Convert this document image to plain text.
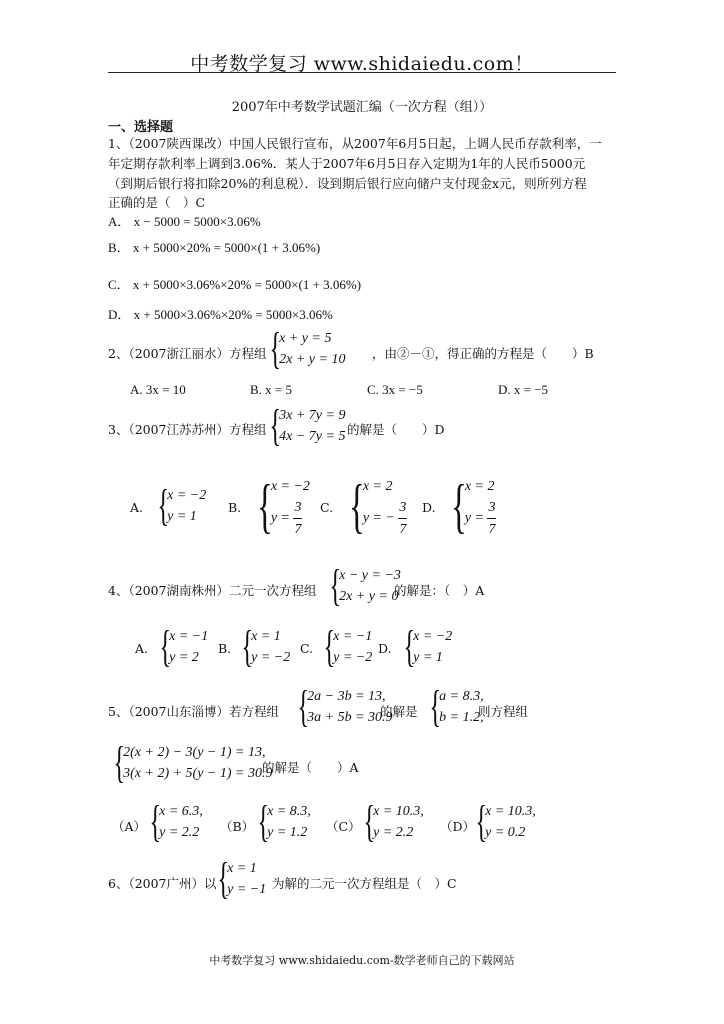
中考数学复习 www.shidaiedu.com！
2007年中考数学试题汇编（一次方程（组））
一、选择题
1、（2007陕西课改）中国人民银行宣布，从2007年6月5日起，上调人民币存款利率，一
年定期存款利率上调到3.06%．某人于2007年6月5日存入定期为1年的人民币5000元
（到期后银行将扣除20%的利息税）．设到期后银行应向储户支付现金x元，则所列方程
正确的是（　）C
A． x − 5000 = 5000×3.06%
B． x + 5000×20% = 5000×(1 + 3.06%)
C． x + 5000×3.06%×20% = 5000×(1 + 3.06%)
D． x + 5000×3.06%×20% = 5000×3.06%
2、（2007浙江丽水）方程组 {
x + y = 5
2x + y = 10 ，由②－①，得正确的方程是（　　）B
A. 3x = 10	B. x = 5	C. 3x = −5	D. x = −5
3、（2007江苏苏州）方程组 {
3x + 7y = 9
4x − 7y = 5 的解是（　　）D
A. {
x = −2
y = 1
B. {
x = −2
$y = \frac{3}{7} C$. {
x = 2
y = − $\frac{3}{7} D$. {
x = 2
$y = \frac{3}{7}$
4、（2007湖南株州）二元一次方程组 {
x − y = −3
2x + y = 0
的解是：（　）A
A. {
x = −1
y = 2
B. {
x = 1
y = −2
C. {
x = −1
y = −2
D. {
x = −2
y = 1
5、（2007山东淄博）若方程组 {
2a − 3b = 13,
3a + 5b = 30.9
的解是 {
a = 8.3,
b = 1.2,
则方程组
{
2(x + 2) − 3(y − 1) = 13,
3(x + 2) + 5(y − 1) = 30.9
的解是（　　）A
（A） {
x = 6.3,
y = 2.2 （B） {
x = 8.3,
y = 1.2 （C） {
x = 10.3,
y = 2.2	（D） {
x = 10.3,
y = 0.2
6、（2007广州）以 {
x = 1
y = −1 为解的二元一次方程组是（　）C
中考数学复习 www.shidaiedu.com-数学老师自己的下载网站
